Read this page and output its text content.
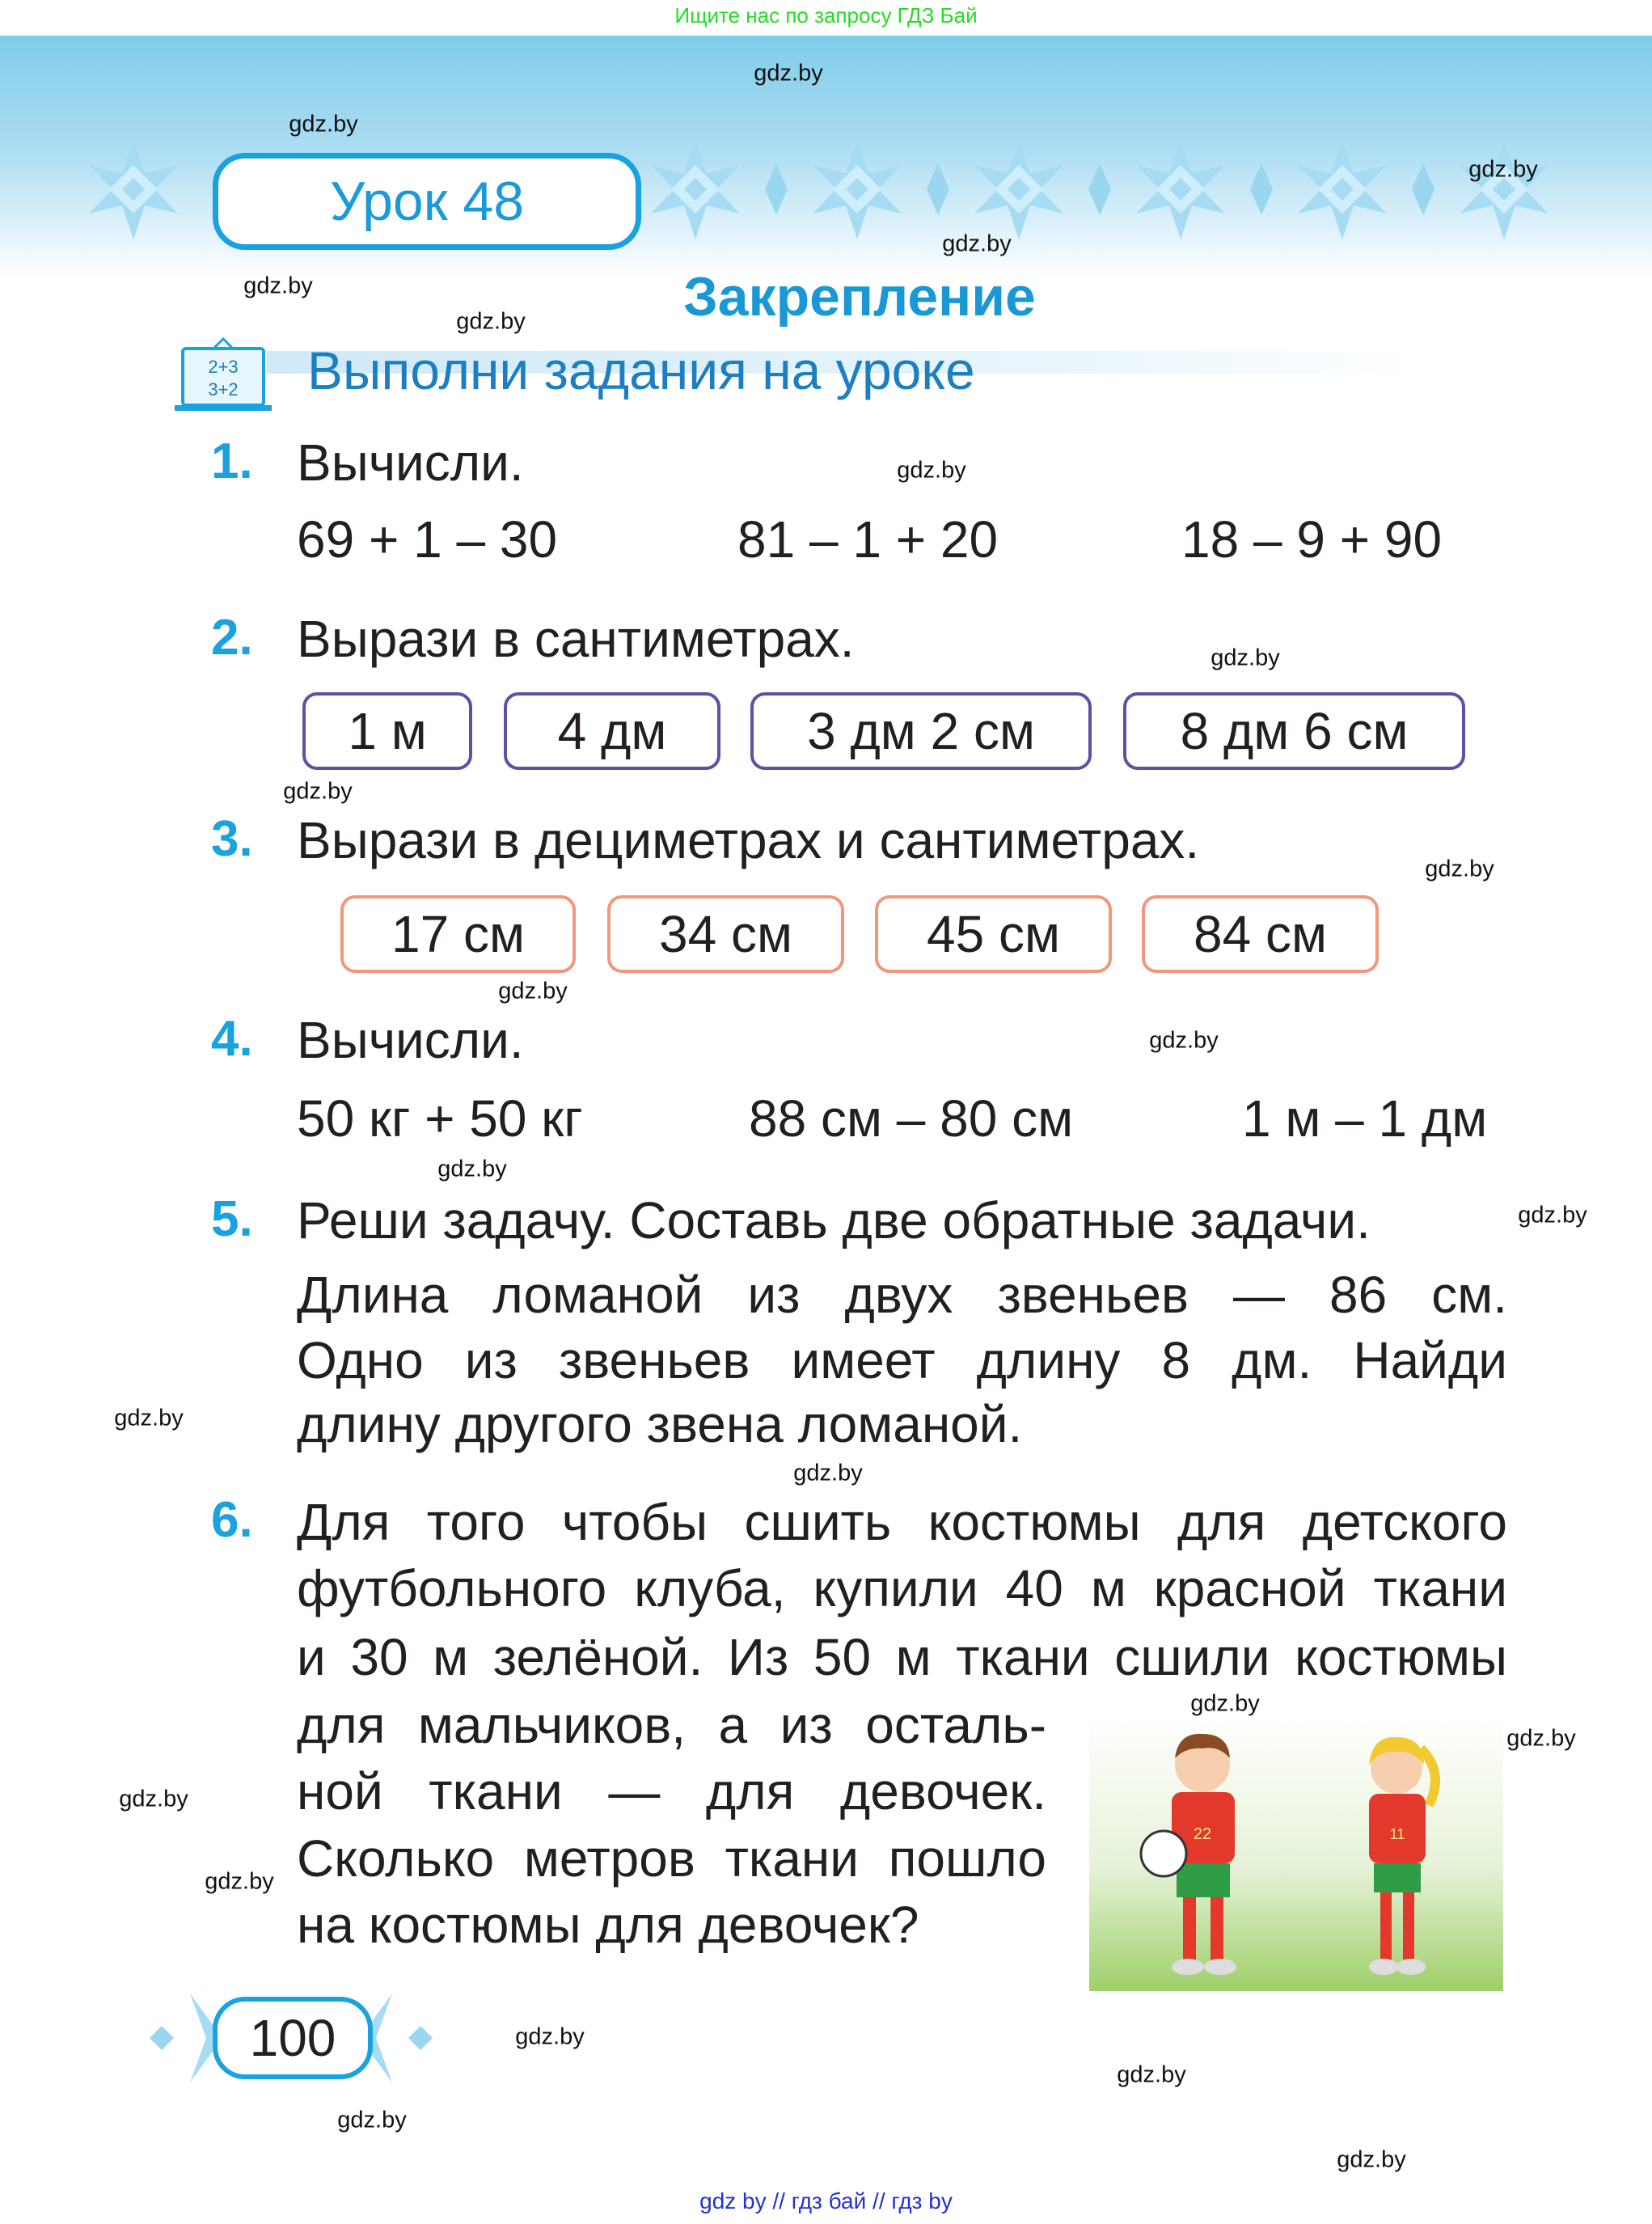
Ищите нас по запросу ГДЗ Бай
Урок 48
Закрепление
2+3
3+2 Выполни задания на уроке
1. Вычисли.
69 + 1 – 30	81 – 1 + 20	18 – 9 + 90
2. Вырази в сантиметрах.
1 м	4 дм	3 дм 2 см	8 дм 6 см
3. Вырази в дециметрах и сантиметрах.
17 см	34 см	45 см	84 см
4. Вычисли.
50 кг + 50 кг	88 см – 80 см	1 м – 1 дм
5. Реши задачу. Составь две обратные задачи.
Длина ломаной из двух звеньев — 86 см.
Одно из звеньев имеет длину 8 дм. Найди
длину другого звена ломаной.
6. Для того чтобы сшить костюмы для детского
футбольного клуба, купили 40 м красной ткани
и 30 м зелёной. Из 50 м ткани сшили костюмы
для мальчиков, а из осталь-
ной ткани — для девочек.
Сколько метров ткани пошло
на костюмы для девочек?
22	11
100
gdz.by
gdz.by
gdz.by
gdz.by
gdz.by
gdz.by
gdz.by
gdz.by
gdz.by
gdz.by
gdz.by
gdz.by
gdz.by
gdz.by
gdz.by
gdz.by
gdz.by
gdz.by
gdz.by
gdz.by
gdz.by
gdz.by
gdz.by
gdz.by
gdz by // гдз бай // гдз by
